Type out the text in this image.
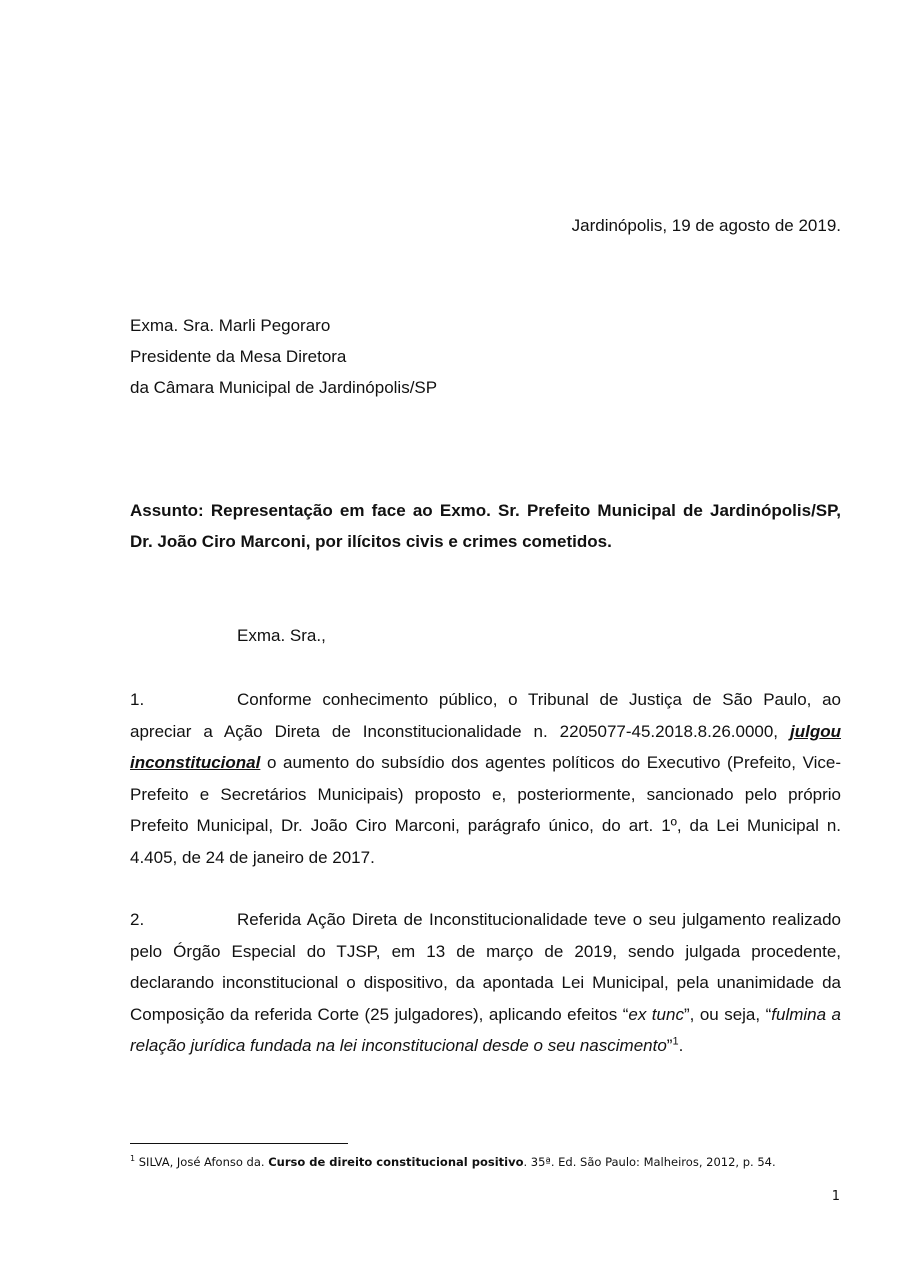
Jardinópolis, 19 de agosto de 2019.
Exma. Sra. Marli Pegoraro
Presidente da Mesa Diretora
da Câmara Municipal de Jardinópolis/SP
Assunto: Representação em face ao Exmo. Sr. Prefeito Municipal de Jardinópolis/SP, Dr. João Ciro Marconi, por ilícitos civis e crimes cometidos.
Exma. Sra.,
1.	Conforme conhecimento público, o Tribunal de Justiça de São Paulo, ao apreciar a Ação Direta de Inconstitucionalidade n. 2205077-45.2018.8.26.0000, julgou inconstitucional o aumento do subsídio dos agentes políticos do Executivo (Prefeito, Vice-Prefeito e Secretários Municipais) proposto e, posteriormente, sancionado pelo próprio Prefeito Municipal, Dr. João Ciro Marconi, parágrafo único, do art. 1º, da Lei Municipal n. 4.405, de 24 de janeiro de 2017.
2.	Referida Ação Direta de Inconstitucionalidade teve o seu julgamento realizado pelo Órgão Especial do TJSP, em 13 de março de 2019, sendo julgada procedente, declarando inconstitucional o dispositivo, da apontada Lei Municipal, pela unanimidade da Composição da referida Corte (25 julgadores), aplicando efeitos “ex tunc”, ou seja, “fulmina a relação jurídica fundada na lei inconstitucional desde o seu nascimento”$^1$.
$^1$ SILVA, José Afonso da. Curso de direito constitucional positivo. 35ª. Ed. São Paulo: Malheiros, 2012, p. 54.
1
